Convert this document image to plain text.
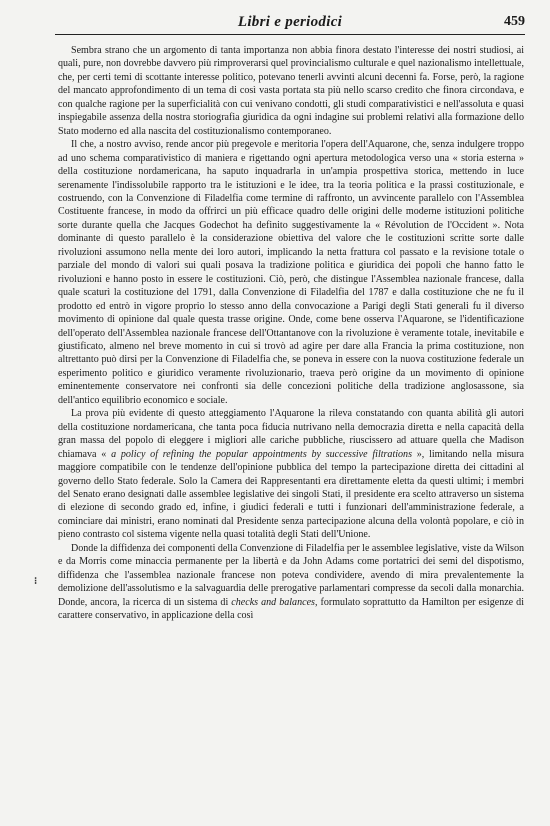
Libri e periodici	459
⁝

Sembra strano che un argomento di tanta importanza non abbia finora destato l'interesse dei nostri studiosi, ai quali, pure, non dovrebbe davvero più rimproverarsi quel provincialismo culturale e quel nazionalismo intellettuale, che, per certi temi di scottante interesse politico, potevano tenerli avvinti alcuni decenni fa. Forse, però, la ragione del mancato approfondimento di un tema di così vasta portata sta più nello scarso credito che finora circondava, e con qualche ragione per la superficialità con cui venivano condotti, gli studi comparativistici e nell'assoluta e quasi inspiegabile assenza della nostra storiografia giuridica da ogni indagine sui problemi relativi alla formazione dello Stato moderno ed alla nascita del costituzionalismo contemporaneo.

Il che, a nostro avviso, rende ancor più pregevole e meritoria l'opera dell'Aquarone, che, senza indulgere troppo ad uno schema comparativistico di maniera e rigettando ogni apertura metodologica verso una « storia esterna » della costituzione nordamericana, ha saputo inquadrarla in un'ampia prospettiva storica, mettendo in luce serenamente l'indissolubile rapporto tra le istituzioni e le idee, tra la teoria politica e la prassi costituzionale, e costruendo, con la Convenzione di Filadelfia come termine di raffronto, un avvincente parallelo con l'Assemblea Costituente francese, in modo da offrirci un più efficace quadro delle origini delle moderne istituzioni politiche sorte durante quella che Jacques Godechot ha definito suggestivamente la « Révolution de l'Occident ». Nota dominante di questo parallelo è la considerazione obiettiva del valore che le costituzioni scritte sorte dalle rivoluzioni assumono nella mente dei loro autori, implicando la netta frattura col passato e la revisione totale o parziale del mondo di valori sui quali posava la tradizione politica e giuridica dei popoli che hanno fatto le rivoluzioni e hanno posto in essere le costituzioni. Ciò, però, che distingue l'Assemblea nazionale francese, dalla quale scaturì la costituzione del 1791, dalla Convenzione di Filadelfia del 1787 e dalla costituzione che ne fu il prodotto ed entrò in vigore proprio lo stesso anno della convocazione a Parigi degli Stati generali fu il diverso movimento di opinione dal quale questa trasse origine. Onde, come bene osserva l'Aquarone, se l'identificazione dell'operato dell'Assemblea nazionale francese dell'Ottantanove con la rivoluzione è veramente totale, inevitabile e giustificato, almeno nel breve momento in cui si trovò ad agire per dare alla Francia la prima costituzione, non altrettanto può dirsi per la Convenzione di Filadelfia che, se poneva in essere con la nuova costituzione federale un esperimento politico e giuridico veramente rivoluzionario, traeva però origine da un movimento di opinione eminentemente conservatore nei confronti sia delle concezioni politiche della tradizione anglosassone, sia dell'antico equilibrio economico e sociale.

La prova più evidente di questo atteggiamento l'Aquarone la rileva constatando con quanta abilità gli autori della costituzione nordamericana, che tanta poca fiducia nutrivano nella democrazia diretta e nella capacità della gran massa del popolo di eleggere i migliori alle cariche pubbliche, riuscissero ad attuare quella che Madison chiamava « a policy of refining the popular appointments by successive filtrations », limitando nella misura maggiore compatibile con le tendenze dell'opinione pubblica del tempo la partecipazione diretta dei cittadini al governo dello Stato federale. Solo la Camera dei Rappresentanti era direttamente eletta da questi ultimi; i membri del Senato erano designati dalle assemblee legislative dei singoli Stati, il presidente era scelto attraverso un sistema di elezione di secondo grado ed, infine, i giudici federali e tutti i funzionari dell'amministrazione federale, a cominciare dai ministri, erano nominati dal Presidente senza partecipazione alcuna della volontà popolare, e ciò in pieno contrasto col sistema vigente nella quasi totalità degli Stati dell'Unione.

Donde la diffidenza dei componenti della Convenzione di Filadelfia per le assemblee legislative, viste da Wilson e da Morris come minaccia permanente per la libertà e da John Adams come portatrici dei semi del dispotismo, diffidenza che l'assemblea nazionale francese non poteva condividere, avendo di mira prevalentemente la demolizione dell'assolutismo e la salvaguardia delle prerogative parlamentari compresse da secoli dalla monarchia. Donde, ancora, la ricerca di un sistema di checks and balances, formulato soprattutto da Hamilton per esigenze di carattere conservativo, in applicazione della così
